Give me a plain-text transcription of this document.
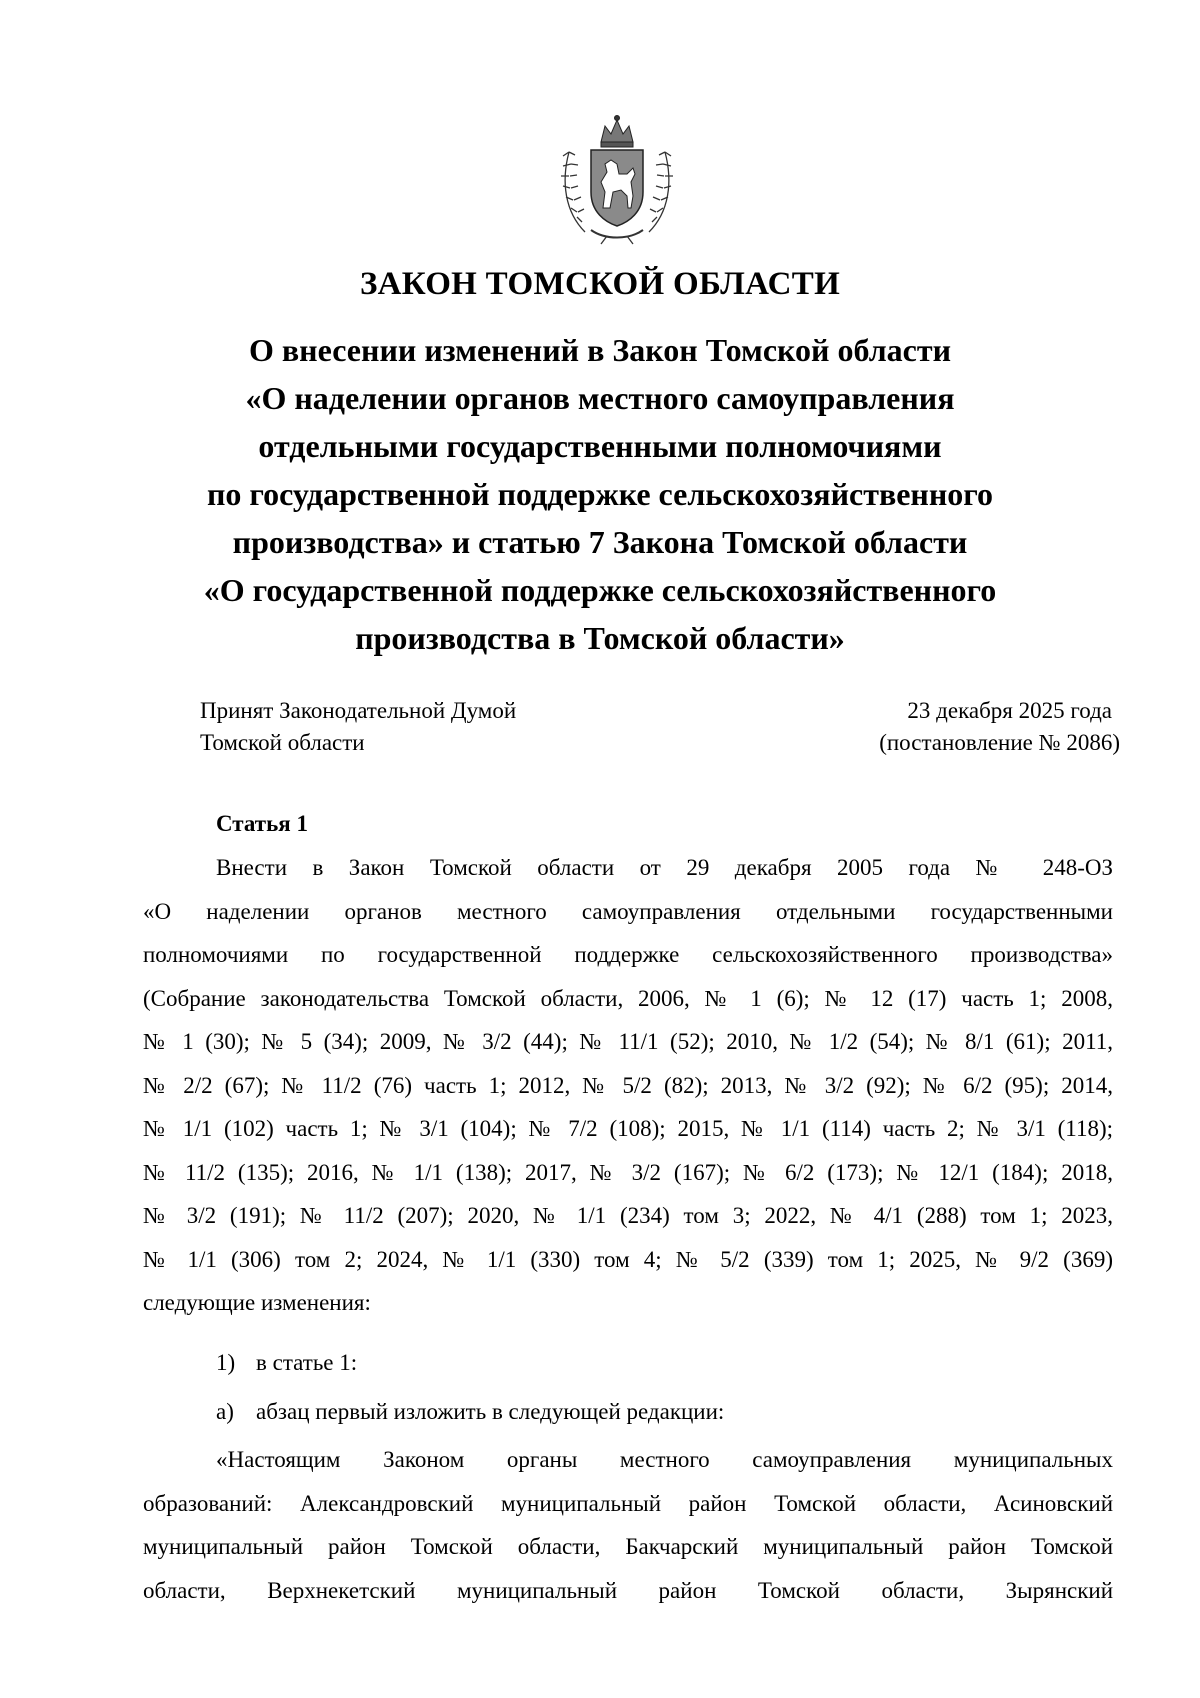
ЗАКОН ТОМСКОЙ ОБЛАСТИ
О внесении изменений в Закон Томской области
«О наделении органов местного самоуправления
отдельными государственными полномочиями
по государственной поддержке сельскохозяйственного
производства» и статью 7 Закона Томской области
«О государственной поддержке сельскохозяйственного
производства в Томской области»
Принят Законодательной Думой
Томской области
23 декабря 2025 года
(постановление № 2086)
Статья 1
Внести в Закон Томской области от 29 декабря 2005 года № 248-ОЗ
«О наделении органов местного самоуправления отдельными государственными
полномочиями по государственной поддержке сельскохозяйственного производства»
(Собрание законодательства Томской области, 2006, № 1 (6); № 12 (17) часть 1; 2008,
№ 1 (30); № 5 (34); 2009, № 3/2 (44); № 11/1 (52); 2010, № 1/2 (54); № 8/1 (61); 2011,
№ 2/2 (67); № 11/2 (76) часть 1; 2012, № 5/2 (82); 2013, № 3/2 (92); № 6/2 (95); 2014,
№ 1/1 (102) часть 1; № 3/1 (104); № 7/2 (108); 2015, № 1/1 (114) часть 2; № 3/1 (118);
№ 11/2 (135); 2016, № 1/1 (138); 2017, № 3/2 (167); № 6/2 (173); № 12/1 (184); 2018,
№ 3/2 (191); № 11/2 (207); 2020, № 1/1 (234) том 3; 2022, № 4/1 (288) том 1; 2023,
№ 1/1 (306) том 2; 2024, № 1/1 (330) том 4; № 5/2 (339) том 1; 2025, № 9/2 (369)
следующие изменения:
1) в статье 1:
а) абзац первый изложить в следующей редакции:
«Настоящим Законом органы местного самоуправления муниципальных
образований: Александровский муниципальный район Томской области, Асиновский
муниципальный район Томской области, Бакчарский муниципальный район Томской
области, Верхнекетский муниципальный район Томской области, Зырянский
